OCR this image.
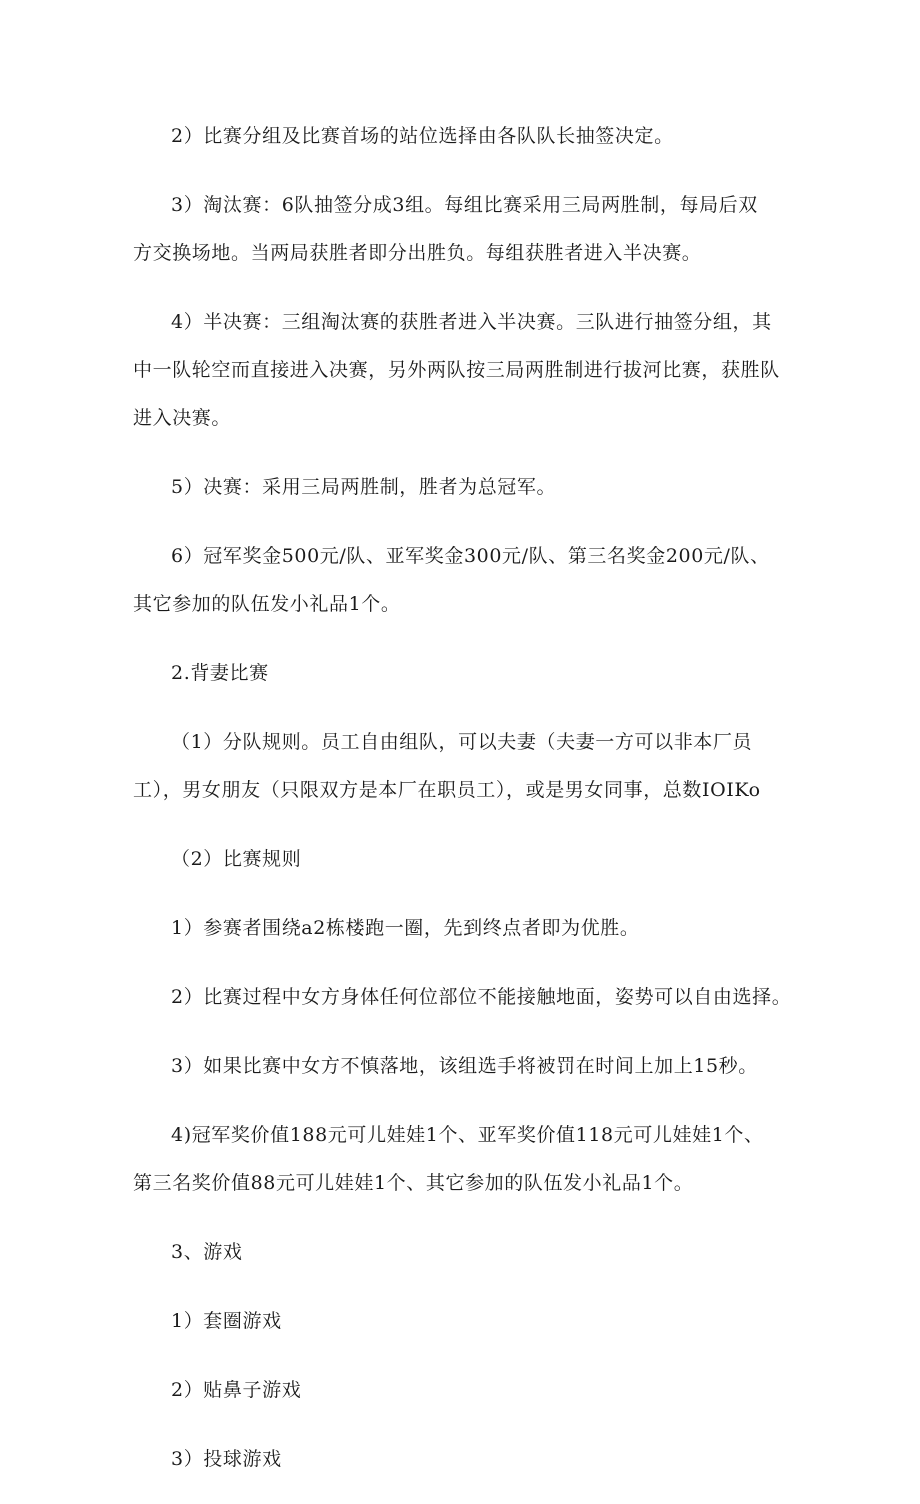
2）比赛分组及比赛首场的站位选择由各队队长抽签决定。

3）淘汰赛：6队抽签分成3组。每组比赛采用三局两胜制，每局后双
方交换场地。当两局获胜者即分出胜负。每组获胜者进入半决赛。

4）半决赛：三组淘汰赛的获胜者进入半决赛。三队进行抽签分组，其
中一队轮空而直接进入决赛，另外两队按三局两胜制进行拔河比赛，获胜队
进入决赛。

5）决赛：采用三局两胜制，胜者为总冠军。

6）冠军奖金500元/队、亚军奖金300元/队、第三名奖金200元/队、
其它参加的队伍发小礼品1个。

2.背妻比赛

（1）分队规则。员工自由组队，可以夫妻（夫妻一方可以非本厂员
工），男女朋友（只限双方是本厂在职员工），或是男女同事，总数IOIKo

（2）比赛规则

1）参赛者围绕a2栋楼跑一圈，先到终点者即为优胜。

2）比赛过程中女方身体任何位部位不能接触地面，姿势可以自由选择。

3）如果比赛中女方不慎落地，该组选手将被罚在时间上加上15秒。

4)冠军奖价值188元可儿娃娃1个、亚军奖价值118元可儿娃娃1个、
第三名奖价值88元可儿娃娃1个、其它参加的队伍发小礼品1个。

3、游戏

1）套圈游戏

2）贴鼻子游戏

3）投球游戏
